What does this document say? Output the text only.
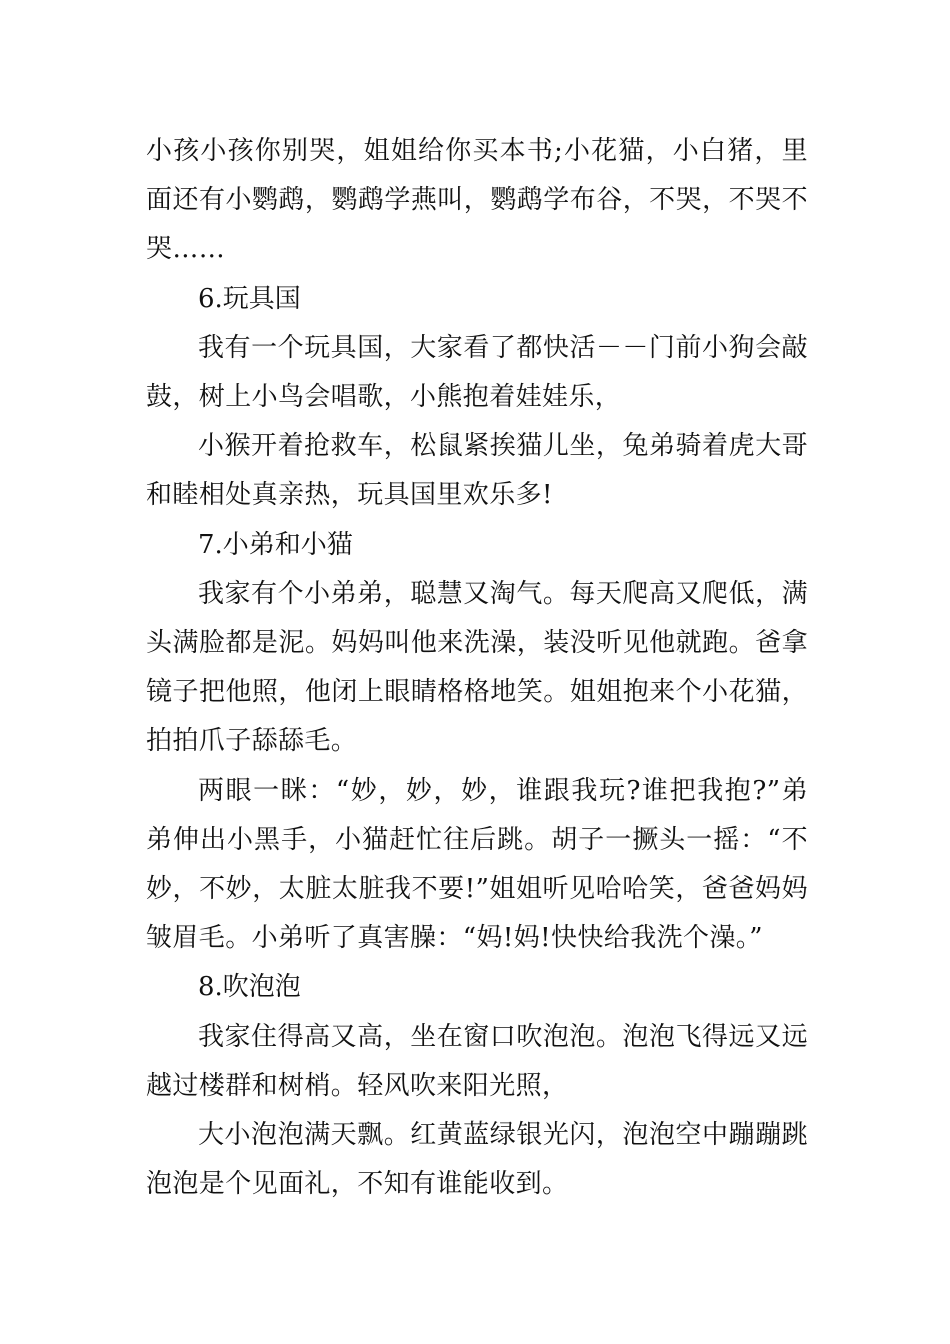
小孩小孩你别哭，姐姐给你买本书;小花猫，小白猪，里面还有小鹦鹉，鹦鹉学燕叫，鹦鹉学布谷，不哭，不哭不哭……

6.玩具国

我有一个玩具国，大家看了都快活－－门前小狗会敲鼓，树上小鸟会唱歌，小熊抱着娃娃乐，

小猴开着抢救车，松鼠紧挨猫儿坐，兔弟骑着虎大哥和睦相处真亲热，玩具国里欢乐多!

7.小弟和小猫

我家有个小弟弟，聪慧又淘气。每天爬高又爬低，满头满脸都是泥。妈妈叫他来洗澡，装没听见他就跑。爸拿镜子把他照，他闭上眼睛格格地笑。姐姐抱来个小花猫，拍拍爪子舔舔毛。

两眼一眯：“妙，妙，妙，谁跟我玩?谁把我抱?”弟弟伸出小黑手，小猫赶忙往后跳。胡子一撅头一摇：“不妙，不妙，太脏太脏我不要!”姐姐听见哈哈笑，爸爸妈妈皱眉毛。小弟听了真害臊：“妈!妈!快快给我洗个澡。”

8.吹泡泡

我家住得高又高，坐在窗口吹泡泡。泡泡飞得远又远越过楼群和树梢。轻风吹来阳光照，

大小泡泡满天飘。红黄蓝绿银光闪，泡泡空中蹦蹦跳泡泡是个见面礼，不知有谁能收到。
